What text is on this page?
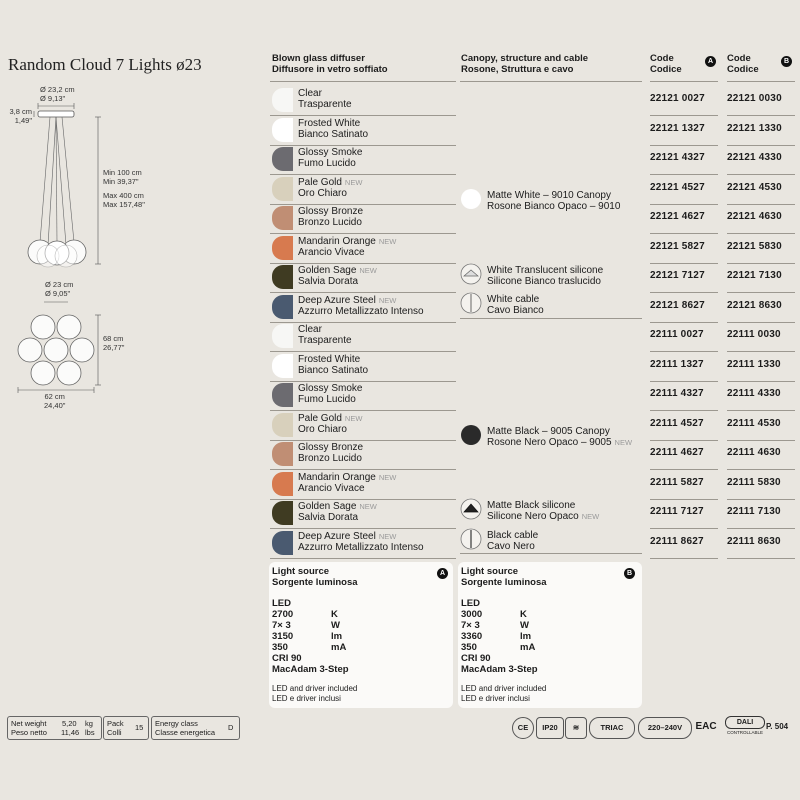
Random Cloud 7 Lights ø23
Ø 23,2 cm
Ø 9,13"
3,8 cm
1,49"
Min 100 cm
Min 39,37"
Max 400 cm
Max 157,48"
Ø 23 cm
Ø 9,05"
68 cm
26,77"
62 cm
24,40"
Blown glass diffuser
Diffusore in vetro soffiato
Canopy, structure and cable
Rosone, Struttura e cavo
Code
Codice
A	Code
Codice
B
Clear
Trasparente
22121 0027 22121 0030
Frosted White
Bianco Satinato
22121 1327 22121 1330
Glossy Smoke
Fumo Lucido
22121 4327 22121 4330
Pale Gold NEW
Oro Chiaro
22121 4527 22121 4530
Glossy Bronze
Bronzo Lucido
22121 4627 22121 4630
Mandarin Orange NEW
Arancio Vivace
22121 5827 22121 5830
Golden Sage NEW
Salvia Dorata
22121 7127 22121 7130
Deep Azure Steel NEW
Azzurro Metallizzato Intenso
22121 8627 22121 8630
Clear
Trasparente
22111 0027 22111 0030
Frosted White
Bianco Satinato
22111 1327 22111 1330
Glossy Smoke
Fumo Lucido
22111 4327 22111 4330
Pale Gold NEW
Oro Chiaro
22111 4527 22111 4530
Glossy Bronze
Bronzo Lucido
22111 4627 22111 4630
Mandarin Orange NEW
Arancio Vivace
22111 5827 22111 5830
Golden Sage NEW
Salvia Dorata
22111 7127 22111 7130
Deep Azure Steel NEW
Azzurro Metallizzato Intenso
22111 8627 22111 8630
Matte White – 9010 Canopy
Rosone Bianco Opaco – 9010
White Translucent silicone
Silicone Bianco traslucido
White cable
Cavo Bianco
Matte Black – 9005 Canopy
Rosone Nero Opaco – 9005 NEW
Matte Black silicone
Silicone Nero Opaco NEW
Black cable
Cavo Nero
Light source
Sorgente luminosa
A
LED
2700	K
7× 3	W
3150	lm
350	mA
CRI 90
MacAdam 3-Step
LED and driver included
LED e driver inclusi
Light source
Sorgente luminosa
B
LED
3000	K
7× 3	W
3360	lm
350	mA
CRI 90
MacAdam 3-Step
LED and driver included
LED e driver inclusi
Net weight
Peso netto
5,20 kg
11,46 lbs
Pack
Colli
15 Energy class
Classe energetica
D	CE	IP20	≋	TRIAC	220–240V	EAC	DALI
CONTROLLABLE
P. 504
